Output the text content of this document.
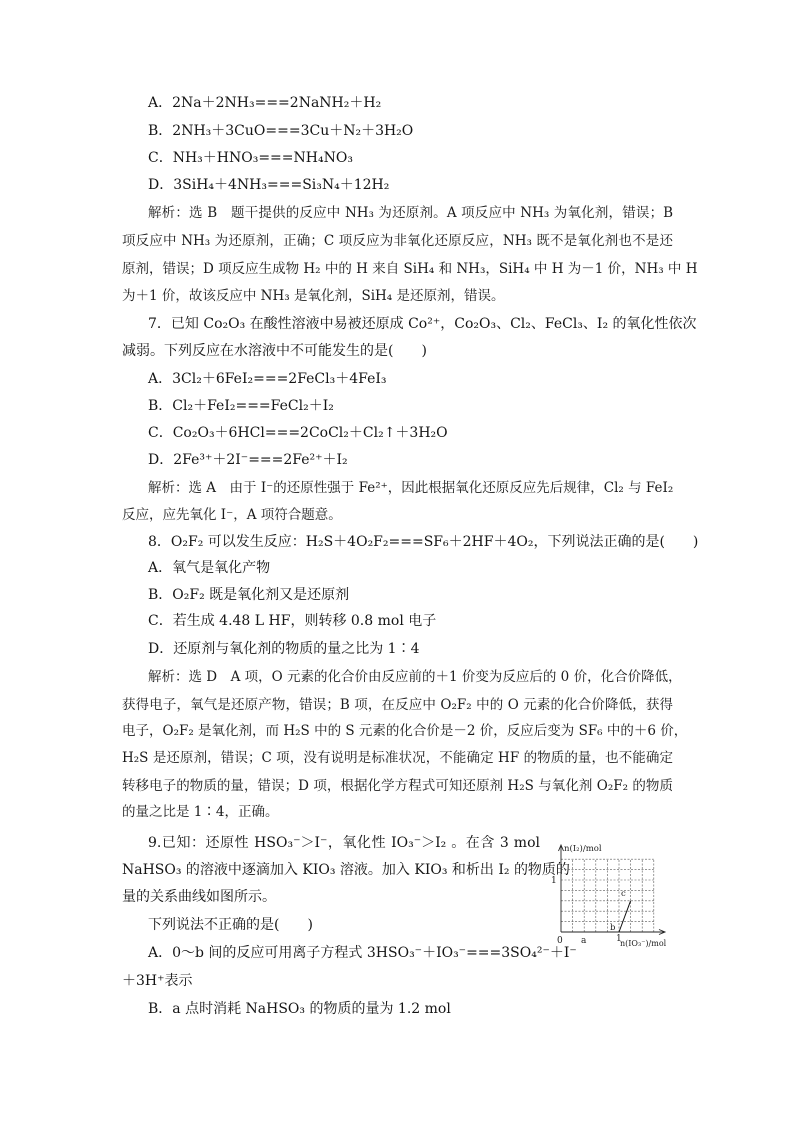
A．2Na＋2NH₃===2NaNH₂＋H₂
B．2NH₃＋3CuO===3Cu＋N₂＋3H₂O
C．NH₃＋HNO₃===NH₄NO₃
D．3SiH₄＋4NH₃===Si₃N₄＋12H₂
解析：选 B　题干提供的反应中 NH₃ 为还原剂。A 项反应中 NH₃ 为氧化剂，错误；B
项反应中 NH₃ 为还原剂，正确；C 项反应为非氧化还原反应，NH₃ 既不是氧化剂也不是还
原剂，错误；D 项反应生成物 H₂ 中的 H 来自 SiH₄ 和 NH₃，SiH₄ 中 H 为－1 价，NH₃ 中 H
为＋1 价，故该反应中 NH₃ 是氧化剂，SiH₄ 是还原剂，错误。
7．已知 Co₂O₃ 在酸性溶液中易被还原成 Co²⁺，Co₂O₃、Cl₂、FeCl₃、I₂ 的氧化性依次
减弱。下列反应在水溶液中不可能发生的是(　　)
A．3Cl₂＋6FeI₂===2FeCl₃＋4FeI₃
B．Cl₂＋FeI₂===FeCl₂＋I₂
C．Co₂O₃＋6HCl===2CoCl₂＋Cl₂↑＋3H₂O
D．2Fe³⁺＋2I⁻===2Fe²⁺＋I₂
解析：选 A　由于 I⁻的还原性强于 Fe²⁺，因此根据氧化还原反应先后规律，Cl₂ 与 FeI₂
反应，应先氧化 I⁻，A 项符合题意。
8．O₂F₂ 可以发生反应：H₂S＋4O₂F₂===SF₆＋2HF＋4O₂，下列说法正确的是(　　)
A．氧气是氧化产物
B．O₂F₂ 既是氧化剂又是还原剂
C．若生成 4.48 L HF，则转移 0.8 mol 电子
D．还原剂与氧化剂的物质的量之比为 1∶4
解析：选 D　A 项，O 元素的化合价由反应前的＋1 价变为反应后的 0 价，化合价降低，
获得电子，氧气是还原产物，错误；B 项，在反应中 O₂F₂ 中的 O 元素的化合价降低，获得
电子，O₂F₂ 是氧化剂，而 H₂S 中的 S 元素的化合价是－2 价，反应后变为 SF₆ 中的＋6 价，
H₂S 是还原剂，错误；C 项，没有说明是标准状况，不能确定 HF 的物质的量，也不能确定
转移电子的物质的量，错误；D 项，根据化学方程式可知还原剂 H₂S 与氧化剂 O₂F₂ 的物质
的量之比是 1∶4，正确。
9.已知：还原性 HSO₃⁻＞I⁻，氧化性 IO₃⁻＞I₂ 。在含 3 mol
NaHSO₃ 的溶液中逐滴加入 KIO₃ 溶液。加入 KIO₃ 和析出 I₂ 的物质的
量的关系曲线如图所示。
下列说法不正确的是(　　)
A．0～b 间的反应可用离子方程式 3HSO₃⁻＋IO₃⁻===3SO₄²⁻＋I⁻
＋3H⁺表示
B．a 点时消耗 NaHSO₃ 的物质的量为 1.2 mol
n(I₂)/mol
1
0 a	1
n(IO₃⁻)/mol
b
c
